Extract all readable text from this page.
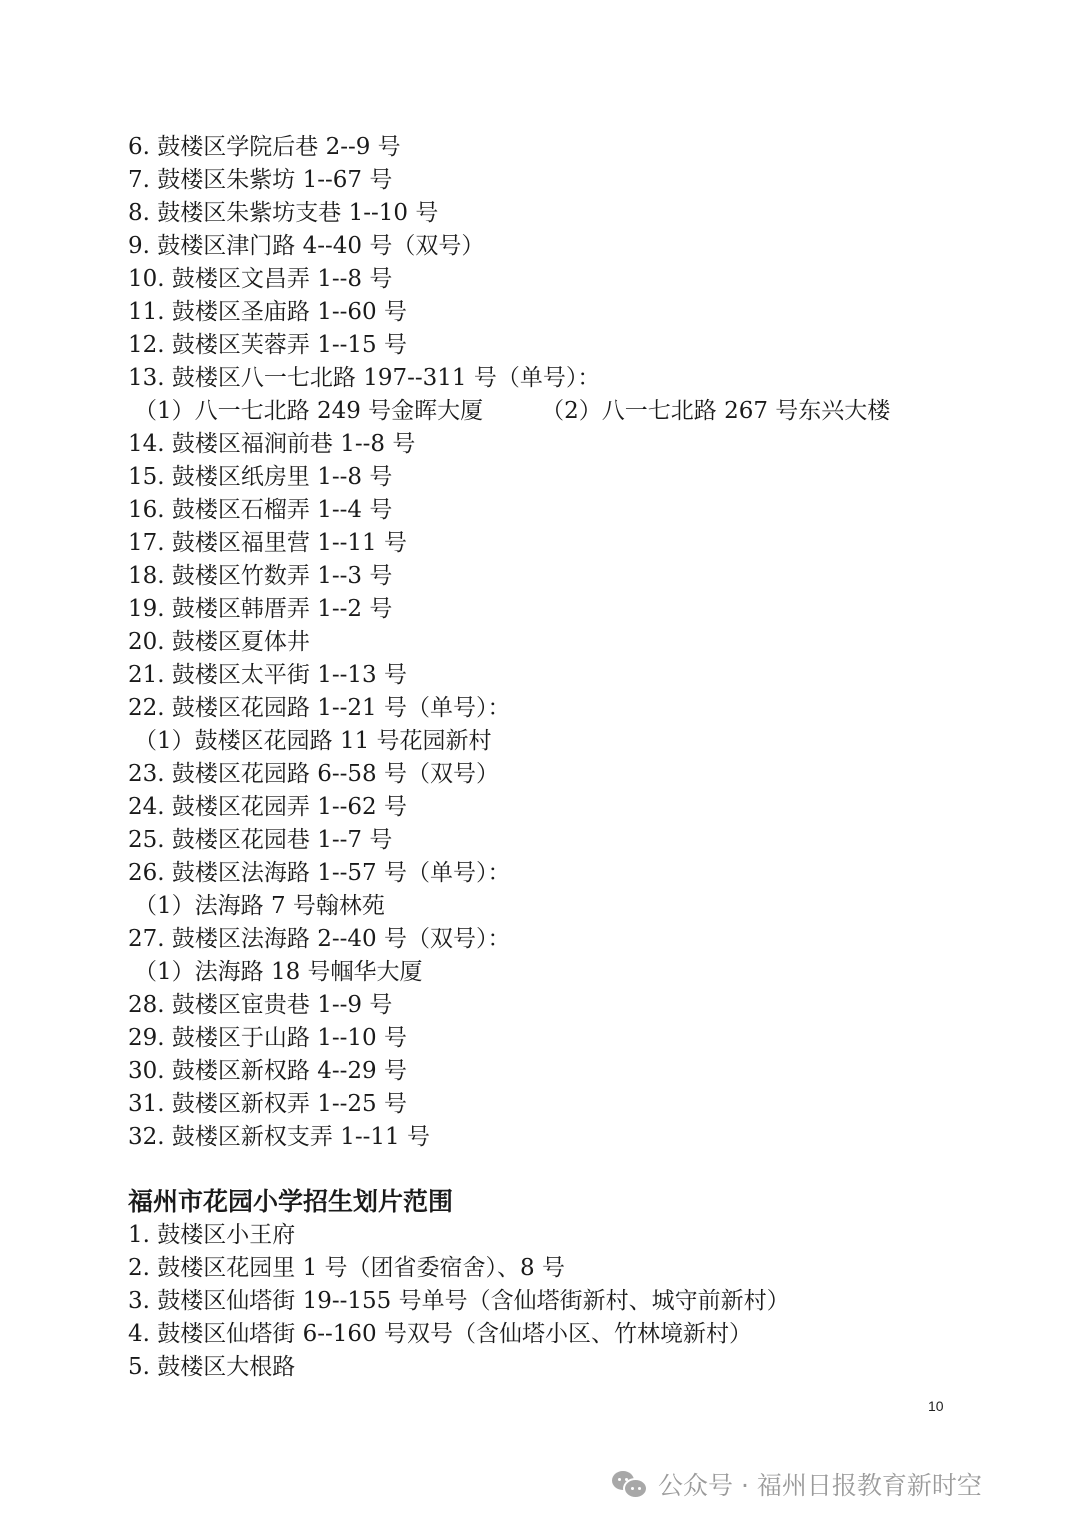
6. 鼓楼区学院后巷 2--9 号
7. 鼓楼区朱紫坊 1--67 号
8. 鼓楼区朱紫坊支巷 1--10 号
9. 鼓楼区津门路 4--40 号（双号）
10. 鼓楼区文昌弄 1--8 号
11. 鼓楼区圣庙路 1--60 号
12. 鼓楼区芙蓉弄 1--15 号
13. 鼓楼区八一七北路 197--311 号（单号）：
（1）八一七北路 249 号金晖大厦	（2）八一七北路 267 号东兴大楼
14. 鼓楼区福涧前巷 1--8 号
15. 鼓楼区纸房里 1--8 号
16. 鼓楼区石榴弄 1--4 号
17. 鼓楼区福里营 1--11 号
18. 鼓楼区竹数弄 1--3 号
19. 鼓楼区韩厝弄 1--2 号
20. 鼓楼区夏体井
21. 鼓楼区太平街 1--13 号
22. 鼓楼区花园路 1--21 号（单号）：
（1）鼓楼区花园路 11 号花园新村
23. 鼓楼区花园路 6--58 号（双号）
24. 鼓楼区花园弄 1--62 号
25. 鼓楼区花园巷 1--7 号
26. 鼓楼区法海路 1--57 号（单号）：
（1）法海路 7 号翰林苑
27. 鼓楼区法海路 2--40 号（双号）：
（1）法海路 18 号帼华大厦
28. 鼓楼区宦贵巷 1--9 号
29. 鼓楼区于山路 1--10 号
30. 鼓楼区新权路 4--29 号
31. 鼓楼区新权弄 1--25 号
32. 鼓楼区新权支弄 1--11 号
福州市花园小学招生划片范围
1. 鼓楼区小王府
2. 鼓楼区花园里 1 号（团省委宿舍）、8 号
3. 鼓楼区仙塔街 19--155 号单号（含仙塔街新村、城守前新村）
4. 鼓楼区仙塔街 6--160 号双号（含仙塔小区、竹林境新村）
5. 鼓楼区大根路
10
公众号 · 福州日报教育新时空
